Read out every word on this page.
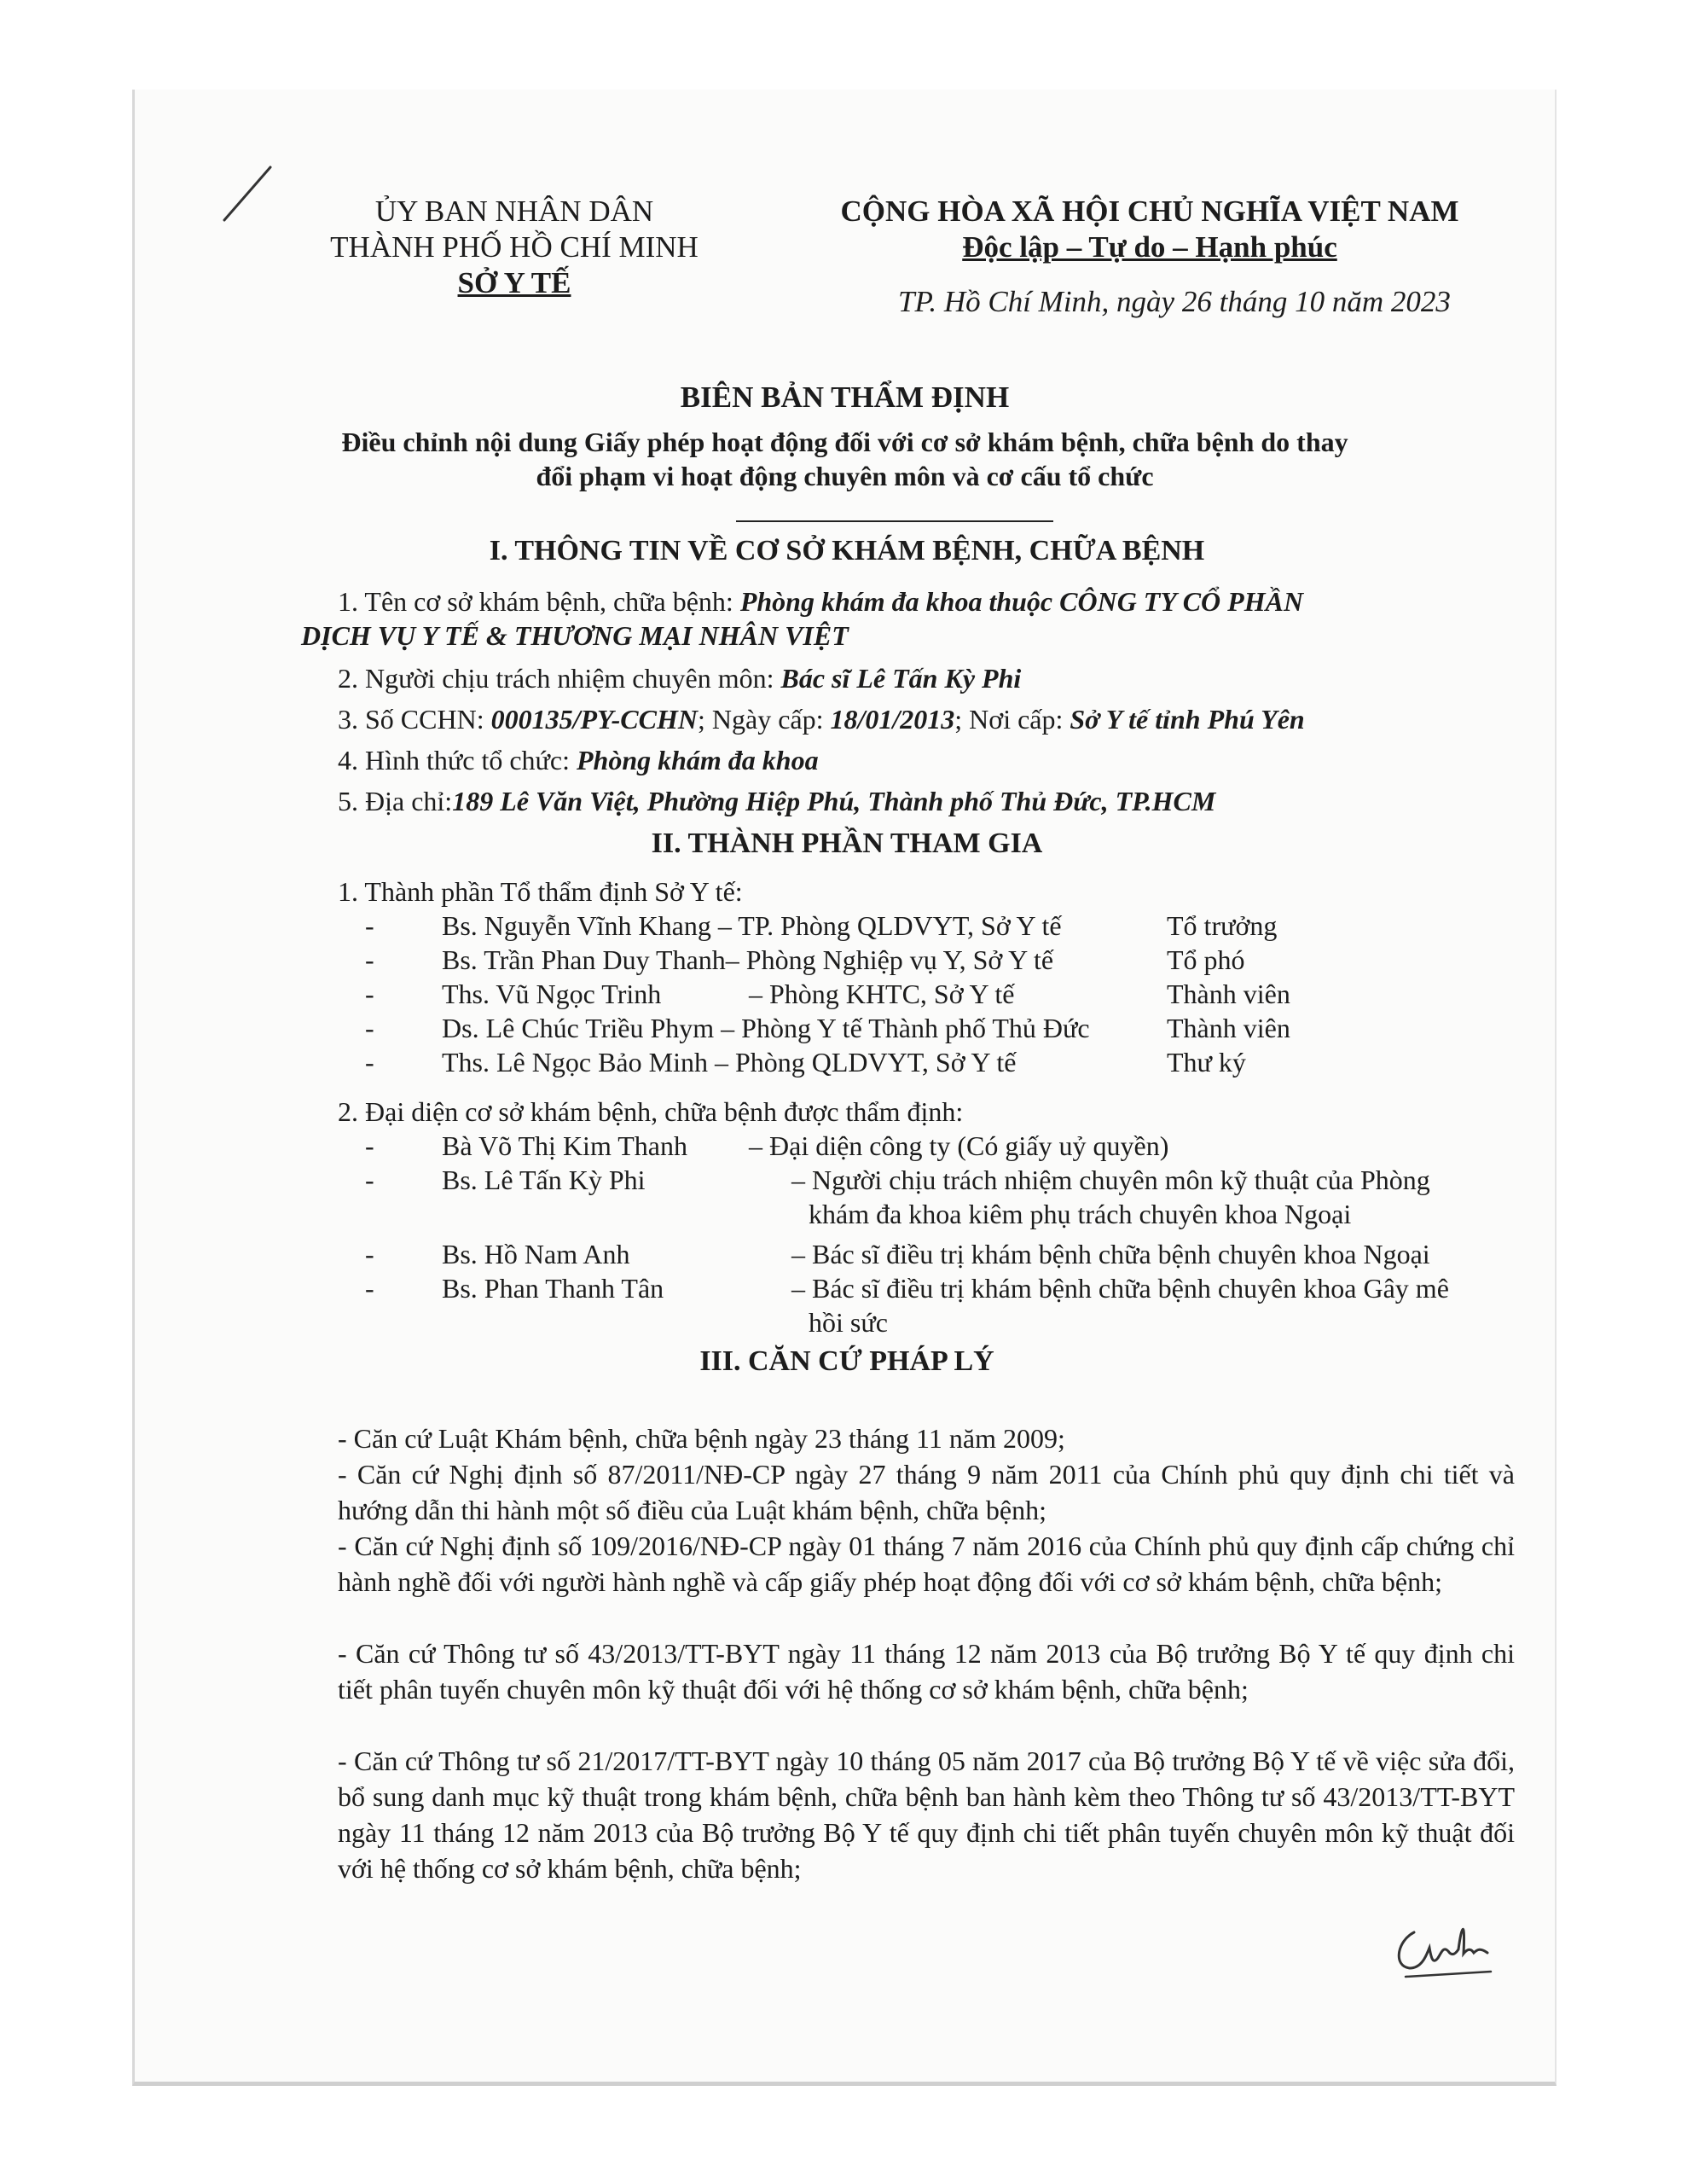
ỦY BAN NHÂN DÂN
THÀNH PHỐ HỒ CHÍ MINH
SỞ Y TẾ
CỘNG HÒA XÃ HỘI CHỦ NGHĨA VIỆT NAM
Độc lập – Tự do – Hạnh phúc
TP. Hồ Chí Minh, ngày 26 tháng 10 năm 2023
BIÊN BẢN THẨM ĐỊNH
Điều chỉnh nội dung Giấy phép hoạt động đối với cơ sở khám bệnh, chữa bệnh do thay
đổi phạm vi hoạt động chuyên môn và cơ cấu tổ chức
I. THÔNG TIN VỀ CƠ SỞ KHÁM BỆNH, CHỮA BỆNH
1. Tên cơ sở khám bệnh, chữa bệnh: Phòng khám đa khoa thuộc CÔNG TY CỔ PHẦN
DỊCH VỤ Y TẾ & THƯƠNG MẠI NHÂN VIỆT
2. Người chịu trách nhiệm chuyên môn: Bác sĩ Lê Tấn Kỳ Phi
3. Số CCHN: 000135/PY-CCHN; Ngày cấp: 18/01/2013; Nơi cấp: Sở Y tế tỉnh Phú Yên
4. Hình thức tổ chức: Phòng khám đa khoa
5. Địa chỉ:189 Lê Văn Việt, Phường Hiệp Phú, Thành phố Thủ Đức, TP.HCM
II. THÀNH PHẦN THAM GIA
1. Thành phần Tổ thẩm định Sở Y tế:
- Bs. Nguyễn Vĩnh Khang – TP. Phòng QLDVYT, Sở Y tế	Tổ trưởng
- Bs. Trần Phan Duy Thanh– Phòng Nghiệp vụ Y, Sở Y tế	Tổ phó
- Ths. Vũ Ngọc Trinh	– Phòng KHTC, Sở Y tế	Thành viên
- Ds. Lê Chúc Triều Phym – Phòng Y tế Thành phố Thủ Đức	Thành viên
- Ths. Lê Ngọc Bảo Minh – Phòng QLDVYT, Sở Y tế	Thư ký
2. Đại diện cơ sở khám bệnh, chữa bệnh được thẩm định:
- Bà Võ Thị Kim Thanh – Đại diện công ty (Có giấy uỷ quyền)
- Bs. Lê Tấn Kỳ Phi	– Người chịu trách nhiệm chuyên môn kỹ thuật của Phòng
khám đa khoa kiêm phụ trách chuyên khoa Ngoại
- Bs. Hồ Nam Anh	– Bác sĩ điều trị khám bệnh chữa bệnh chuyên khoa Ngoại
- Bs. Phan Thanh Tân	– Bác sĩ điều trị khám bệnh chữa bệnh chuyên khoa Gây mê
hồi sức
III. CĂN CỨ PHÁP LÝ
- Căn cứ Luật Khám bệnh, chữa bệnh ngày 23 tháng 11 năm 2009;
- Căn cứ Nghị định số 87/2011/NĐ-CP ngày 27 tháng 9 năm 2011 của Chính phủ quy định chi tiết và hướng dẫn thi hành một số điều của Luật khám bệnh, chữa bệnh;
- Căn cứ Nghị định số 109/2016/NĐ-CP ngày 01 tháng 7 năm 2016 của Chính phủ quy định cấp chứng chỉ hành nghề đối với người hành nghề và cấp giấy phép hoạt động đối với cơ sở khám bệnh, chữa bệnh;
- Căn cứ Thông tư số 43/2013/TT-BYT ngày 11 tháng 12 năm 2013 của Bộ trưởng Bộ Y tế quy định chi tiết phân tuyến chuyên môn kỹ thuật đối với hệ thống cơ sở khám bệnh, chữa bệnh;
- Căn cứ Thông tư số 21/2017/TT-BYT ngày 10 tháng 05 năm 2017 của Bộ trưởng Bộ Y tế về việc sửa đổi, bổ sung danh mục kỹ thuật trong khám bệnh, chữa bệnh ban hành kèm theo Thông tư số 43/2013/TT-BYT ngày 11 tháng 12 năm 2013 của Bộ trưởng Bộ Y tế quy định chi tiết phân tuyến chuyên môn kỹ thuật đối với hệ thống cơ sở khám bệnh, chữa bệnh;
